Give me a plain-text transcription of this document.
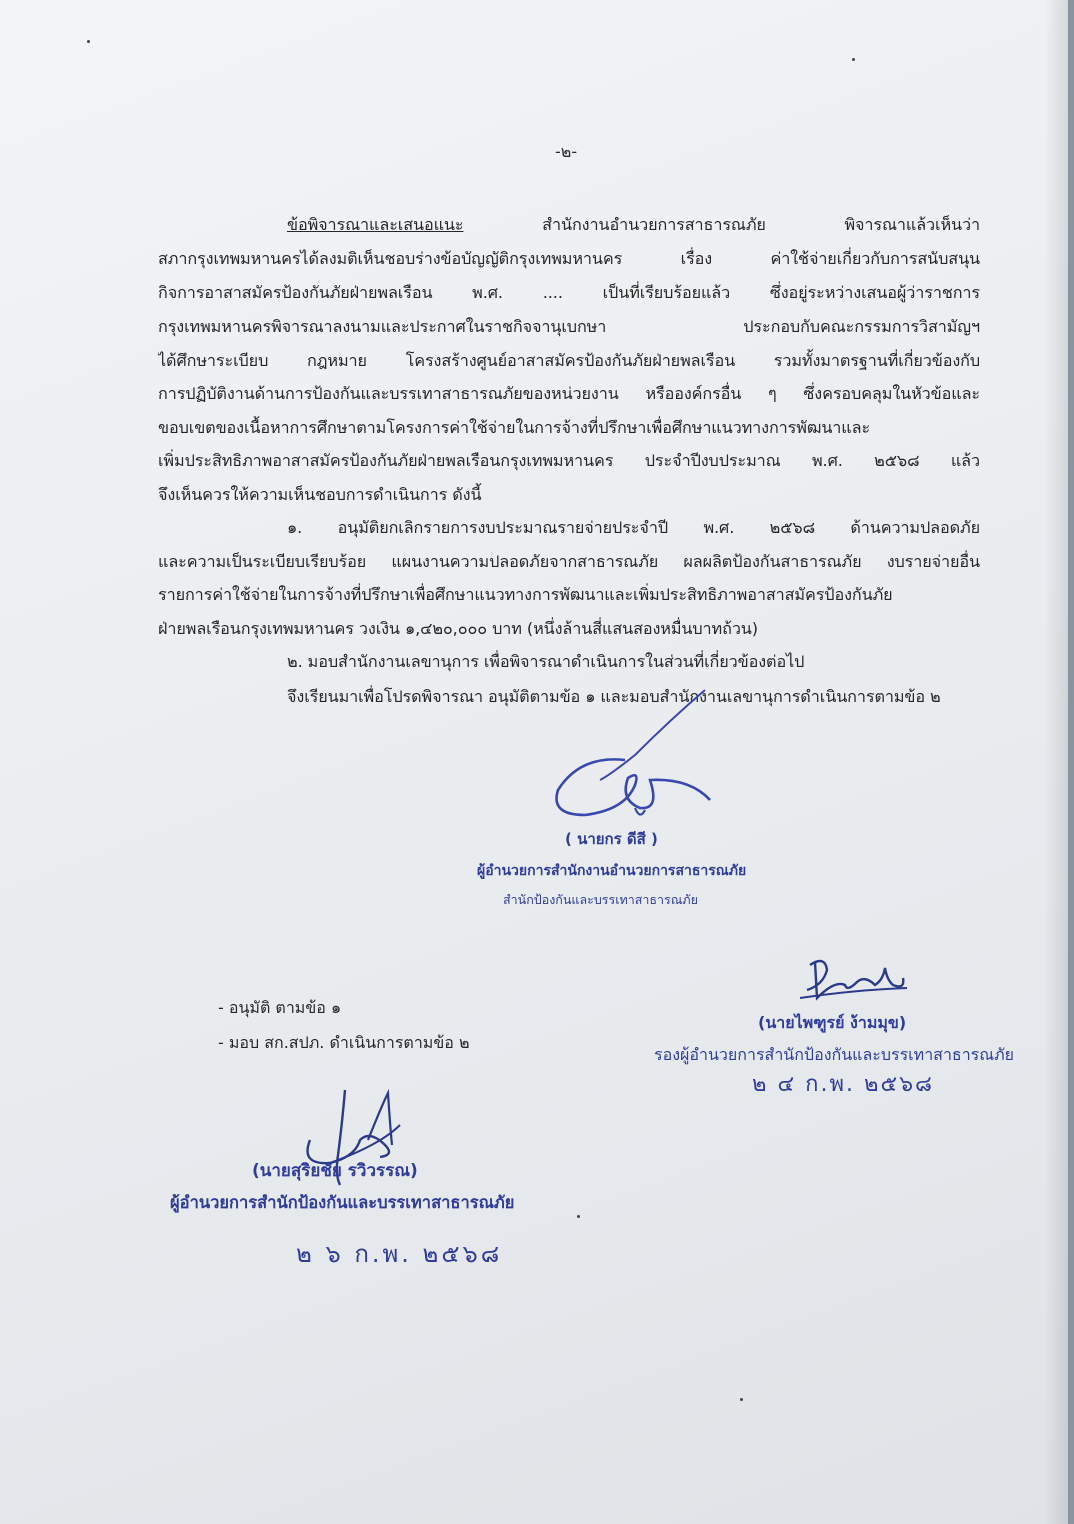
-๒-
ข้อพิจารณาและเสนอแนะ สำนักงานอำนวยการสาธารณภัย พิจารณาแล้วเห็นว่า
สภากรุงเทพมหานครได้ลงมติเห็นชอบร่างข้อบัญญัติกรุงเทพมหานคร เรื่อง ค่าใช้จ่ายเกี่ยวกับการสนับสนุน
กิจการอาสาสมัครป้องกันภัยฝ่ายพลเรือน พ.ศ. .... เป็นที่เรียบร้อยแล้ว ซึ่งอยู่ระหว่างเสนอผู้ว่าราชการ
กรุงเทพมหานครพิจารณาลงนามและประกาศในราชกิจจานุเบกษา ประกอบกับคณะกรรมการวิสามัญฯ
ได้ศึกษาระเบียบ กฎหมาย โครงสร้างศูนย์อาสาสมัครป้องกันภัยฝ่ายพลเรือน รวมทั้งมาตรฐานที่เกี่ยวข้องกับ
การปฏิบัติงานด้านการป้องกันและบรรเทาสาธารณภัยของหน่วยงาน หรือองค์กรอื่น ๆ ซึ่งครอบคลุมในหัวข้อและ
ขอบเขตของเนื้อหาการศึกษาตามโครงการค่าใช้จ่ายในการจ้างที่ปรึกษาเพื่อศึกษาแนวทางการพัฒนาและ
เพิ่มประสิทธิภาพอาสาสมัครป้องกันภัยฝ่ายพลเรือนกรุงเทพมหานคร ประจำปีงบประมาณ พ.ศ. ๒๕๖๘ แล้ว
จึงเห็นควรให้ความเห็นชอบการดำเนินการ ดังนี้
๑. อนุมัติยกเลิกรายการงบประมาณรายจ่ายประจำปี พ.ศ. ๒๕๖๘ ด้านความปลอดภัย
และความเป็นระเบียบเรียบร้อย แผนงานความปลอดภัยจากสาธารณภัย ผลผลิตป้องกันสาธารณภัย งบรายจ่ายอื่น
รายการค่าใช้จ่ายในการจ้างที่ปรึกษาเพื่อศึกษาแนวทางการพัฒนาและเพิ่มประสิทธิภาพอาสาสมัครป้องกันภัย
ฝ่ายพลเรือนกรุงเทพมหานคร วงเงิน ๑,๔๒๐,๐๐๐ บาท (หนึ่งล้านสี่แสนสองหมื่นบาทถ้วน)
๒. มอบสำนักงานเลขานุการ เพื่อพิจารณาดำเนินการในส่วนที่เกี่ยวข้องต่อไป
จึงเรียนมาเพื่อโปรดพิจารณา อนุมัติตามข้อ ๑ และมอบสำนักงานเลขานุการดำเนินการตามข้อ ๒
( นายกร ดีสี )
ผู้อำนวยการสำนักงานอำนวยการสาธารณภัย
สำนักป้องกันและบรรเทาสาธารณภัย
(นายไพฑูรย์ ง้ามมุข)
รองผู้อำนวยการสำนักป้องกันและบรรเทาสาธารณภัย
๒ ๔ ก.พ. ๒๕๖๘
- อนุมัติ ตามข้อ ๑
- มอบ สก.สปภ. ดำเนินการตามข้อ ๒
(นายสุริยชัย รวิวรรณ)
ผู้อำนวยการสำนักป้องกันและบรรเทาสาธารณภัย
๒ ๖ ก.พ. ๒๕๖๘
